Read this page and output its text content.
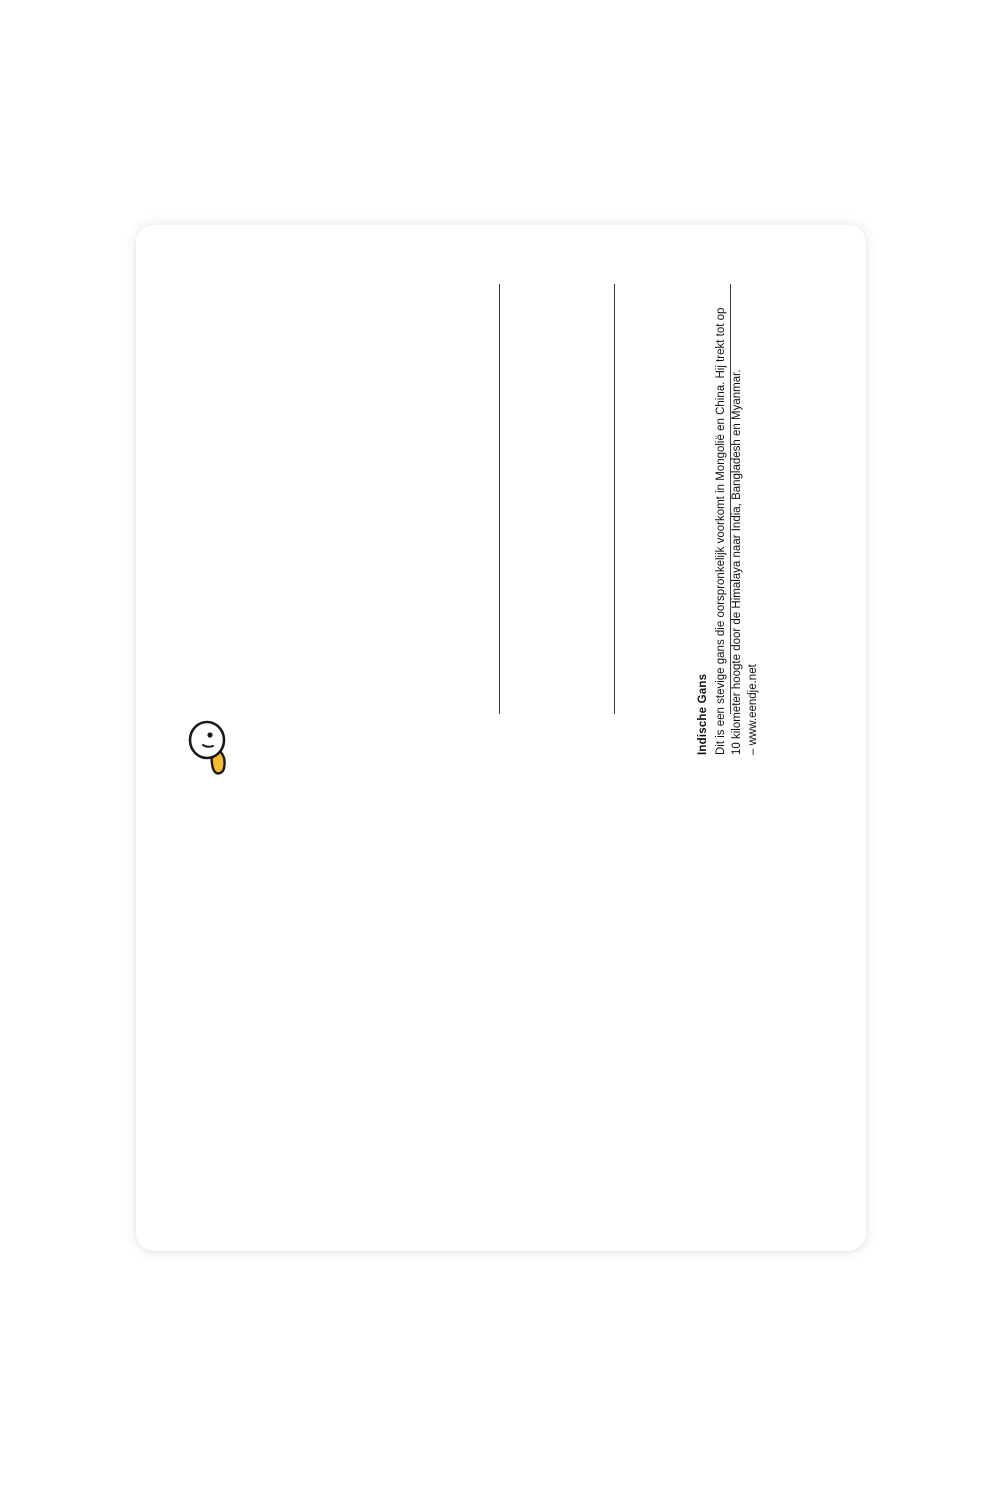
Indische Gans Dit is een stevige gans die oorspronkelijk voorkomt in Mongolië en China. Hij trekt tot op 10 kilometer hoogte door de Himalaya naar India, Bangladesh en Myanmar. – www.eendje.net
